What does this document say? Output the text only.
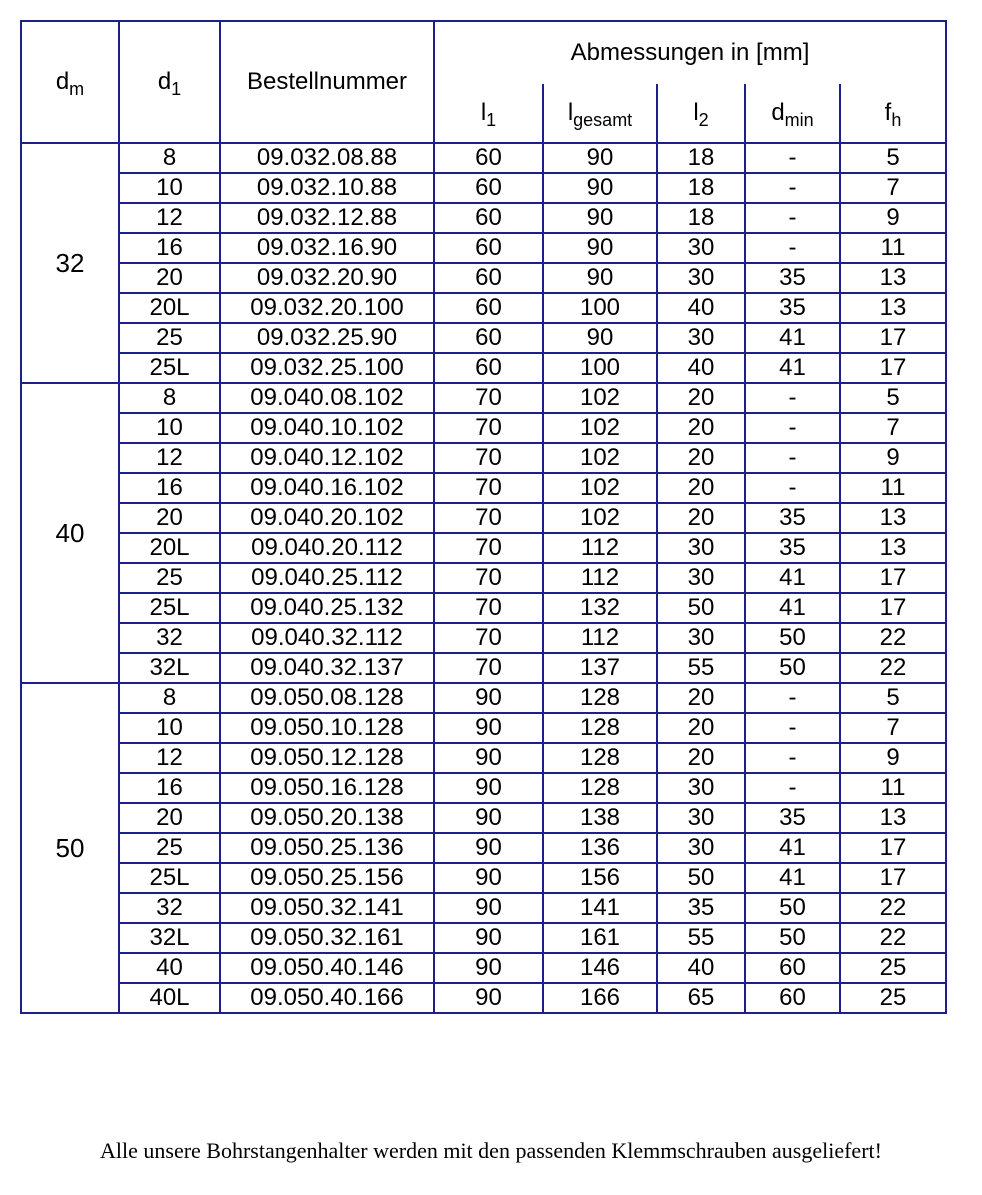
$d_m$	$d_1$	Bestellnummer	Abmessungen in [mm]				
			$l_1$	$l_{gesamt}$	$l_2$	$d_{min}$	$f_h$
32	8	09.032.08.88	60	90	18	-	5
	10	09.032.10.88	60	90	18	-	7
	12	09.032.12.88	60	90	18	-	9
	16	09.032.16.90	60	90	30	-	11
	20	09.032.20.90	60	90	30	35	13
	20L	09.032.20.100	60	100	40	35	13
	25	09.032.25.90	60	90	30	41	17
	25L	09.032.25.100	60	100	40	41	17
40	8	09.040.08.102	70	102	20	-	5
	10	09.040.10.102	70	102	20	-	7
	12	09.040.12.102	70	102	20	-	9
	16	09.040.16.102	70	102	20	-	11
	20	09.040.20.102	70	102	20	35	13
	20L	09.040.20.112	70	112	30	35	13
	25	09.040.25.112	70	112	30	41	17
	25L	09.040.25.132	70	132	50	41	17
	32	09.040.32.112	70	112	30	50	22
	32L	09.040.32.137	70	137	55	50	22
50	8	09.050.08.128	90	128	20	-	5
	10	09.050.10.128	90	128	20	-	7
	12	09.050.12.128	90	128	20	-	9
	16	09.050.16.128	90	128	30	-	11
	20	09.050.20.138	90	138	30	35	13
	25	09.050.25.136	90	136	30	41	17
	25L	09.050.25.156	90	156	50	41	17
	32	09.050.32.141	90	141	35	50	22
	32L	09.050.32.161	90	161	55	50	22
	40	09.050.40.146	90	146	40	60	25
	40L	09.050.40.166	90	166	65	60	25
Alle unsere Bohrstangenhalter werden mit den passenden Klemmschrauben ausgeliefert!
